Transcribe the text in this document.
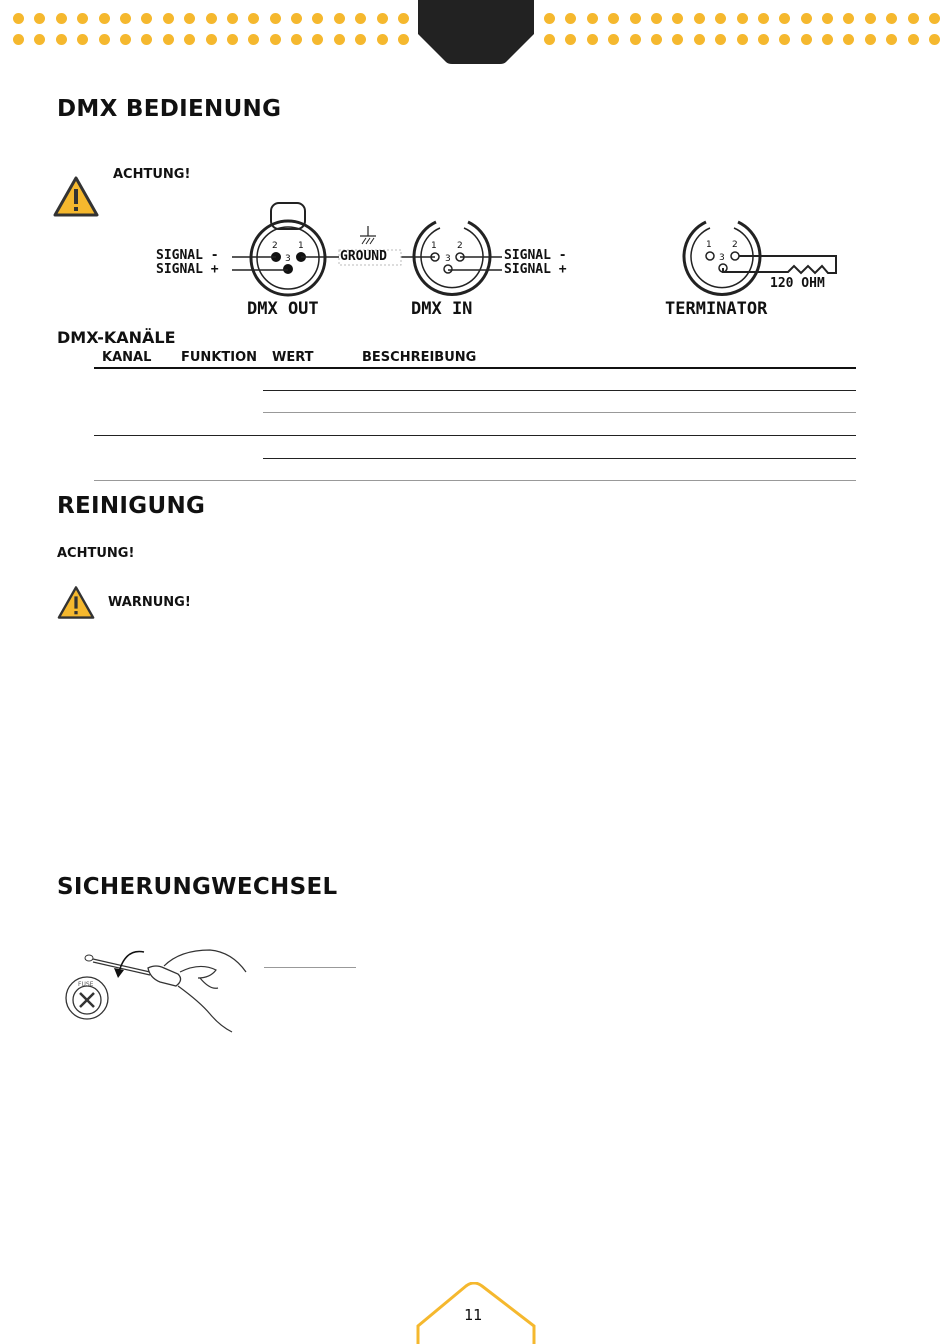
DMX BEDIENUNG
ACHTUNG!
2 1
3
1 2
3
1 2
3
SIGNAL -
SIGNAL +
GROUND	SIGNAL -
SIGNAL +
120 OHM
DMX OUT	DMX IN	TERMINATOR
DMX-KANÄLE
KANAL FUNKTION WERT	BESCHREIBUNG
REINIGUNG
ACHTUNG!
WARNUNG!
SICHERUNGWECHSEL
FUSE
11
